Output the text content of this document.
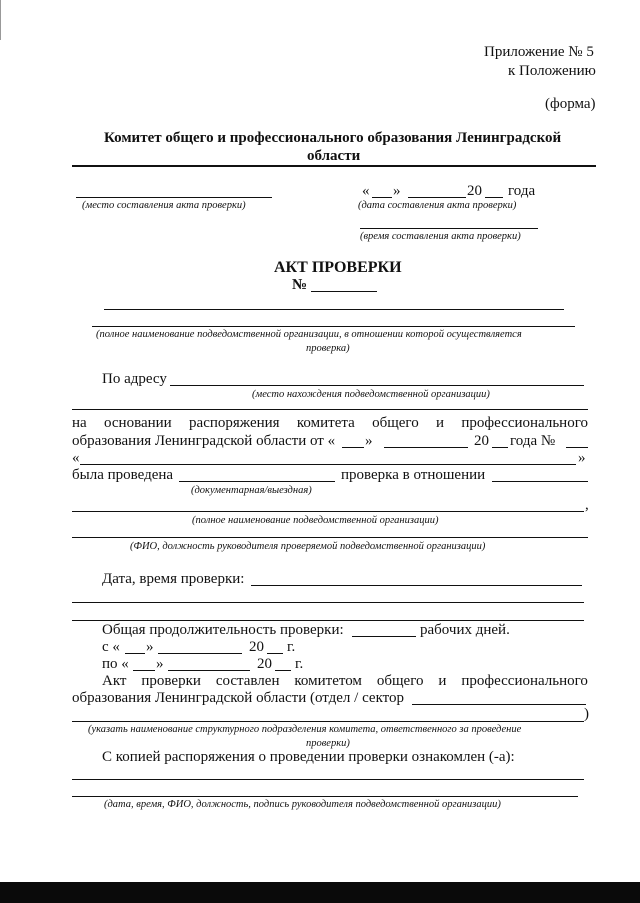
Приложение № 5
к Положению
(форма)
Комитет общего и профессионального образования Ленинградской
области
(место составления акта проверки)
« »	20 года
(дата составления акта проверки)
(время составления акта проверки)
АКТ ПРОВЕРКИ
№
(полное наименование подведомственной организации, в отношении которой осуществляется
проверка)
По адресу
(место нахождения подведомственной организации)
на основании распоряжения комитета общего и профессионального
образования Ленинградской области от « »	20 года №
«	»
была проведена	проверка в отношении
(документарная/выездная)
,
(полное наименование подведомственной организации)
(ФИО, должность руководителя проверяемой подведомственной организации)
Дата, время проверки:
Общая продолжительность проверки:	рабочих дней.
с « »	20 г.
по « »	20 г.
Акт проверки составлен комитетом общего и профессионального
образования Ленинградской области (отдел / сектор
)
(указать наименование структурного подразделения комитета, ответственного за проведение
проверки)
С копией распоряжения о проведении проверки ознакомлен (-а):
(дата, время, ФИО, должность, подпись руководителя подведомственной организации)
